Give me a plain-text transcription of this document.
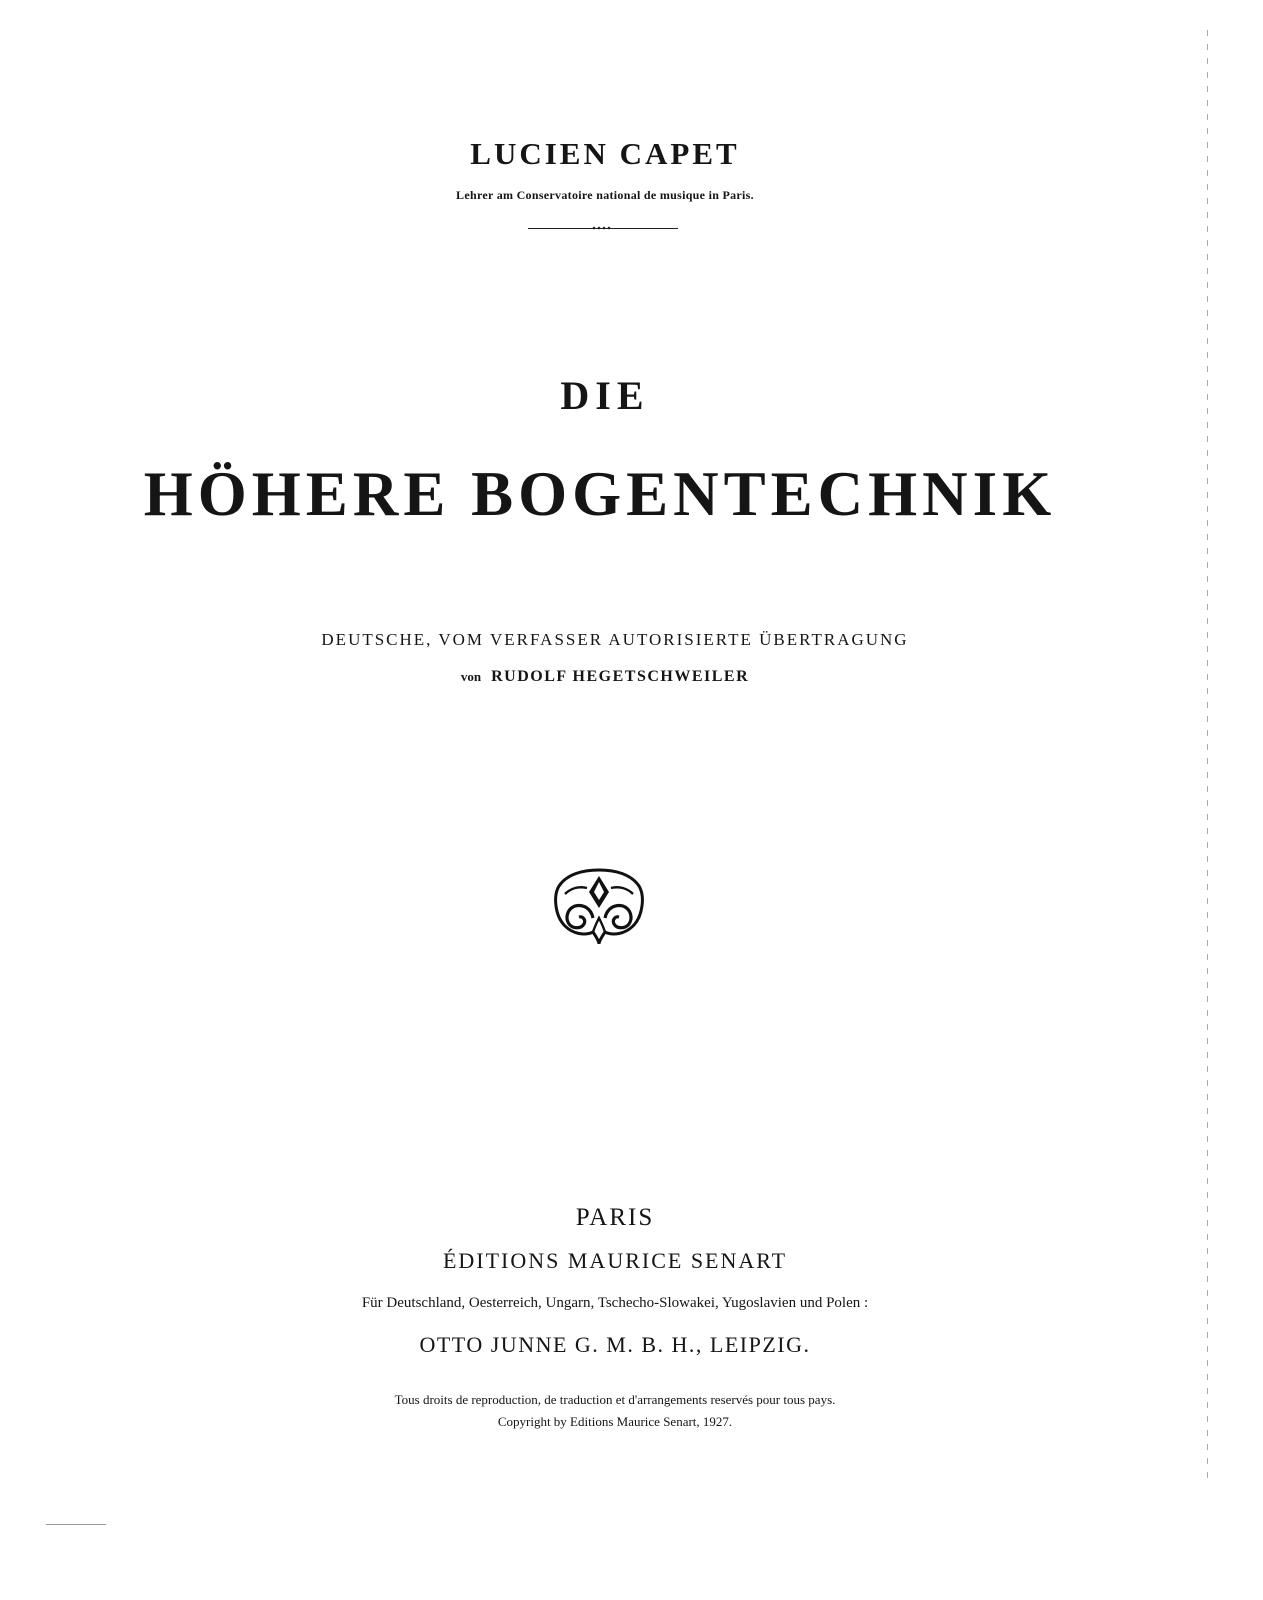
LUCIEN CAPET
Lehrer am Conservatoire national de musique in Paris.
DIE
HÖHERE BOGENTECHNIK
DEUTSCHE, VOM VERFASSER AUTORISIERTE ÜBERTRAGUNG
von RUDOLF HEGETSCHWEILER
PARIS
ÉDITIONS MAURICE SENART
Für Deutschland, Oesterreich, Ungarn, Tschecho-Slowakei, Yugoslavien und Polen :
OTTO JUNNE G. M. B. H., LEIPZIG.
Tous droits de reproduction, de traduction et d'arrangements reservés pour tous pays.
Copyright by Editions Maurice Senart, 1927.
